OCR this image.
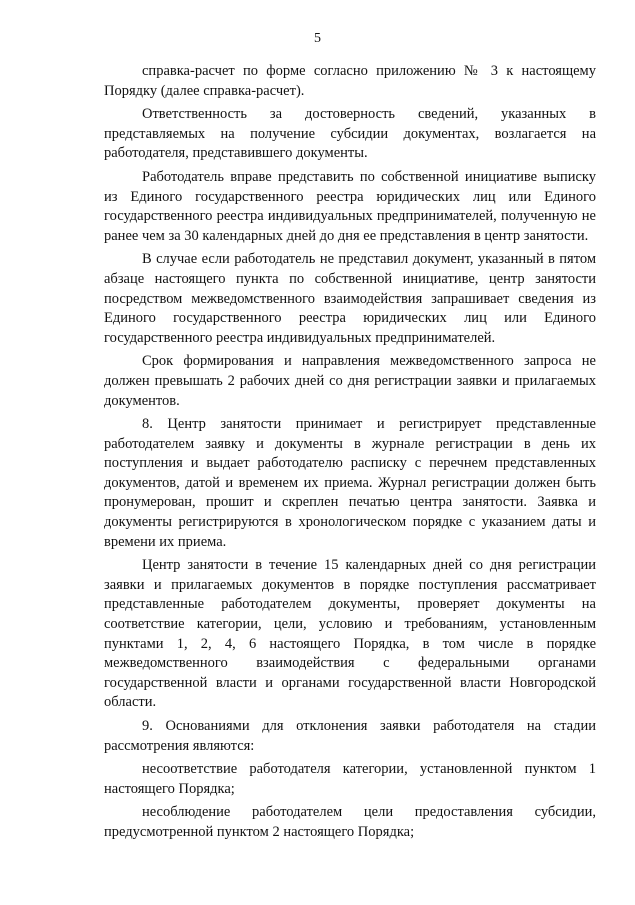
5

справка-расчет по форме согласно приложению № 3 к настоящему Порядку (далее справка-расчет).

Ответственность за достоверность сведений, указанных в представляемых на получение субсидии документах, возлагается на работодателя, представившего документы.

Работодатель вправе представить по собственной инициативе выписку из Единого государственного реестра юридических лиц или Единого государственного реестра индивидуальных предпринимателей, полученную не ранее чем за 30 календарных дней до дня ее представления в центр занятости.

В случае если работодатель не представил документ, указанный в пятом абзаце настоящего пункта по собственной инициативе, центр занятости посредством межведомственного взаимодействия запрашивает сведения из Единого государственного реестра юридических лиц или Единого государственного реестра индивидуальных предпринимателей.

Срок формирования и направления межведомственного запроса не должен превышать 2 рабочих дней со дня регистрации заявки и прилагаемых документов.

8. Центр занятости принимает и регистрирует представленные работодателем заявку и документы в журнале регистрации в день их поступления и выдает работодателю расписку с перечнем представленных документов, датой и временем их приема. Журнал регистрации должен быть пронумерован, прошит и скреплен печатью центра занятости. Заявка и документы регистрируются в хронологическом порядке с указанием даты и времени их приема.

Центр занятости в течение 15 календарных дней со дня регистрации заявки и прилагаемых документов в порядке поступления рассматривает представленные работодателем документы, проверяет документы на соответствие категории, цели, условию и требованиям, установленным пунктами 1, 2, 4, 6 настоящего Порядка, в том числе в порядке межведомственного взаимодействия с федеральными органами государственной власти и органами государственной власти Новгородской области.

9. Основаниями для отклонения заявки работодателя на стадии рассмотрения являются:

несоответствие работодателя категории, установленной пунктом 1 настоящего Порядка;

несоблюдение работодателем цели предоставления субсидии, предусмотренной пунктом 2 настоящего Порядка;
